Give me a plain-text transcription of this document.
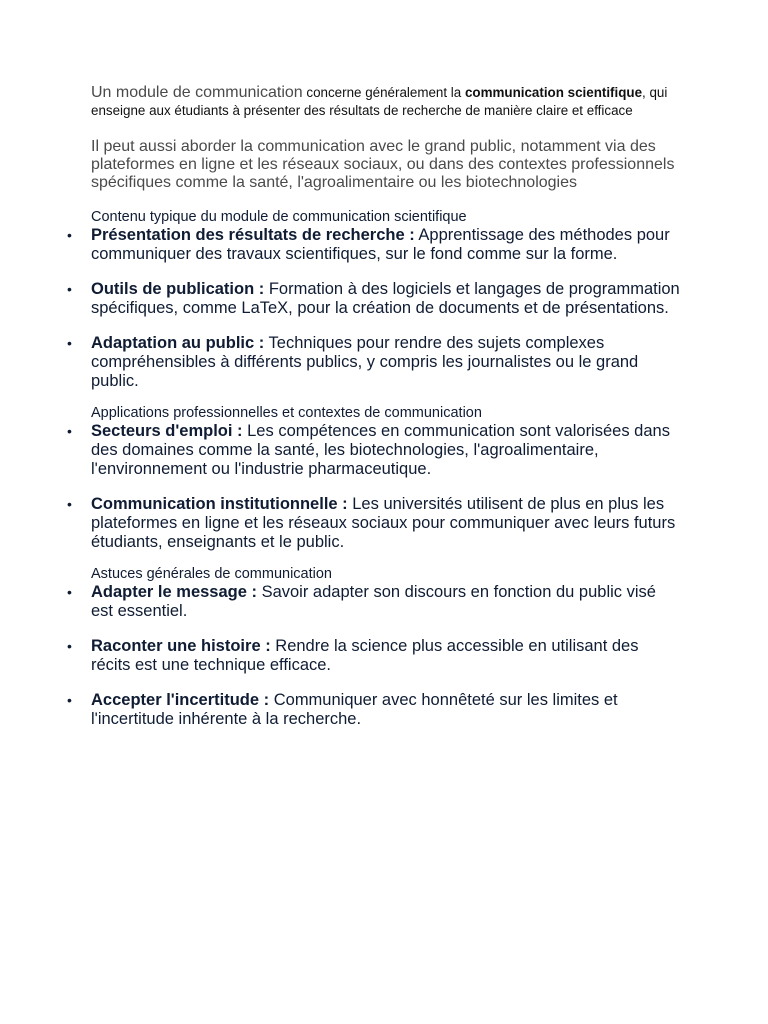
Un module de communication concerne généralement la communication scientifique, qui enseigne aux étudiants à présenter des résultats de recherche de manière claire et efficace

Il peut aussi aborder la communication avec le grand public, notamment via des plateformes en ligne et les réseaux sociaux, ou dans des contextes professionnels spécifiques comme la santé, l'agroalimentaire ou les biotechnologies

Contenu typique du module de communication scientifique
• Présentation des résultats de recherche : Apprentissage des méthodes pour communiquer des travaux scientifiques, sur le fond comme sur la forme.
• Outils de publication : Formation à des logiciels et langages de programmation spécifiques, comme LaTeX, pour la création de documents et de présentations.
• Adaptation au public : Techniques pour rendre des sujets complexes compréhensibles à différents publics, y compris les journalistes ou le grand public.
Applications professionnelles et contextes de communication
• Secteurs d'emploi : Les compétences en communication sont valorisées dans des domaines comme la santé, les biotechnologies, l'agroalimentaire, l'environnement ou l'industrie pharmaceutique.
• Communication institutionnelle : Les universités utilisent de plus en plus les plateformes en ligne et les réseaux sociaux pour communiquer avec leurs futurs étudiants, enseignants et le public.
Astuces générales de communication
• Adapter le message : Savoir adapter son discours en fonction du public visé est essentiel.
• Raconter une histoire : Rendre la science plus accessible en utilisant des récits est une technique efficace.
• Accepter l'incertitude : Communiquer avec honnêteté sur les limites et l'incertitude inhérente à la recherche.
